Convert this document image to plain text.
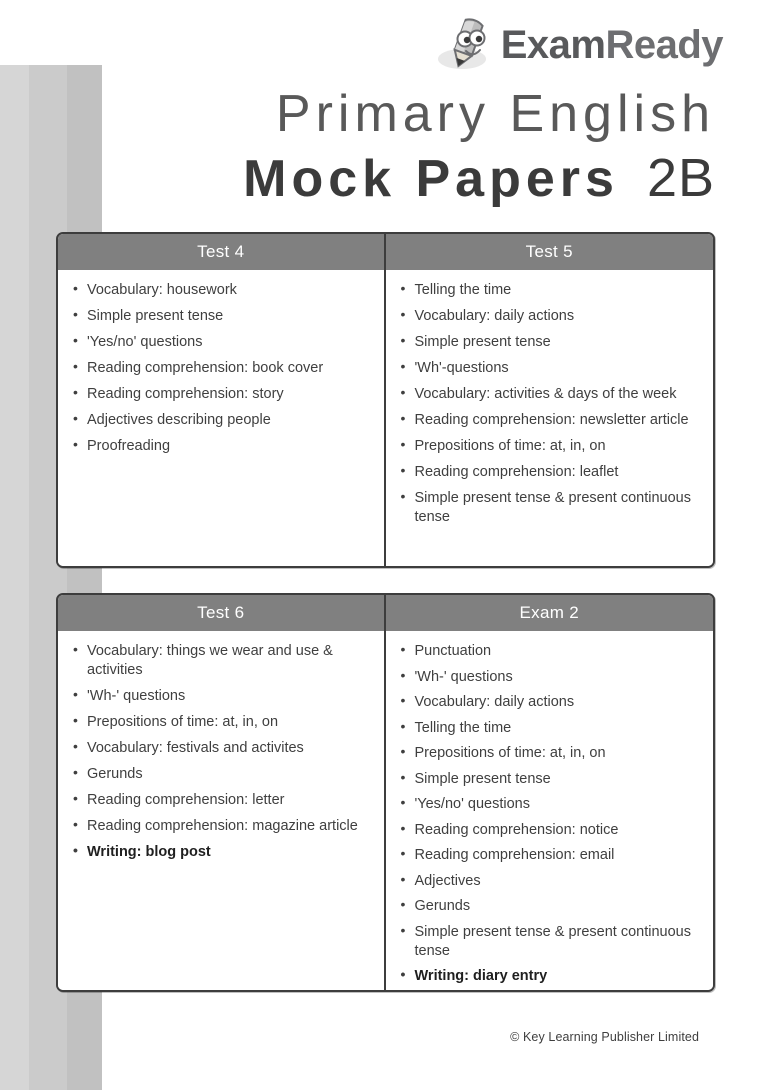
ExamReady
Primary English
Mock Papers 2B
Test 4	Test 5
• Vocabulary: housework
• Simple present tense
• 'Yes/no' questions
• Reading comprehension: book cover
• Reading comprehension: story
• Adjectives describing people
• Proofreading
• Telling the time
• Vocabulary: daily actions
• Simple present tense
• 'Wh'-questions
• Vocabulary: activities & days of the week
• Reading comprehension: newsletter article
• Prepositions of time: at, in, on
• Reading comprehension: leaflet
• Simple present tense & present continuous tense
Test 6	Exam 2
• Vocabulary: things we wear and use & activities
• 'Wh-' questions
• Prepositions of time: at, in, on
• Vocabulary: festivals and activites
• Gerunds
• Reading comprehension: letter
• Reading comprehension: magazine article
• Writing: blog post
• Punctuation
• 'Wh-' questions
• Vocabulary: daily actions
• Telling the time
• Prepositions of time: at, in, on
• Simple present tense
• 'Yes/no' questions
• Reading comprehension: notice
• Reading comprehension: email
• Adjectives
• Gerunds
• Simple present tense & present continuous tense
• Writing: diary entry
© Key Learning Publisher Limited
